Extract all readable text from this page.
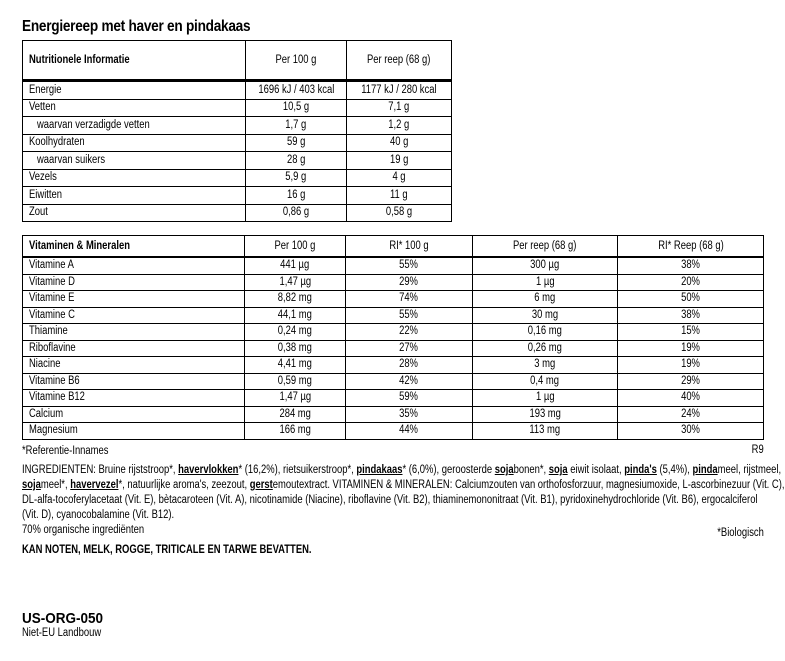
Energiereep met haver en pindakaas
Nutritionele Informatie	Per 100 g	Per reep (68 g)
Energie	1696 kJ / 403 kcal	1177 kJ / 280 kcal
Vetten	10,5 g	7,1 g
waarvan verzadigde vetten	1,7 g	1,2 g
Koolhydraten	59 g	40 g
waarvan suikers	28 g	19 g
Vezels	5,9 g	4 g
Eiwitten	16 g	11 g
Zout	0,86 g	0,58 g
Vitaminen & Mineralen	Per 100 g	RI* 100 g	Per reep (68 g)	RI* Reep (68 g)
Vitamine A	441 µg	55%	300 µg	38%
Vitamine D	1,47 µg	29%	1 µg	20%
Vitamine E	8,82 mg	74%	6 mg	50%
Vitamine C	44,1 mg	55%	30 mg	38%
Thiamine	0,24 mg	22%	0,16 mg	15%
Riboflavine	0,38 mg	27%	0,26 mg	19%
Niacine	4,41 mg	28%	3 mg	19%
Vitamine B6	0,59 mg	42%	0,4 mg	29%
Vitamine B12	1,47 µg	59%	1 µg	40%
Calcium	284 mg	35%	193 mg	24%
Magnesium	166 mg	44%	113 mg	30%
*Referentie-Innames	R9
INGREDIËNTEN: Bruine rijststroop*, havervlokken* (16,2%), rietsuikerstroop*, pindakaas* (6,0%), geroosterde sojabonen*, soja eiwit isolaat, pinda's (5,4%), pindameel, rijstmeel,
sojameel*, havervezel*, natuurlijke aroma's, zeezout, gerstemoutextract. VITAMINEN & MINERALEN: Calciumzouten van orthofosforzuur, magnesiumoxide, L-ascorbinezuur (Vit. C),
DL-alfa-tocoferylacetaat (Vit. E), bètacaroteen (Vit. A), nicotinamide (Niacine), riboflavine (Vit. B2), thiaminemononitraat (Vit. B1), pyridoxinehydrochloride (Vit. B6), ergocalciferol
(Vit. D), cyanocobalamine (Vit. B12).
70% organische ingrediënten	*Biologisch
KAN NOTEN, MELK, ROGGE, TRITICALE EN TARWE BEVATTEN.
US-ORG-050
Niet-EU Landbouw
